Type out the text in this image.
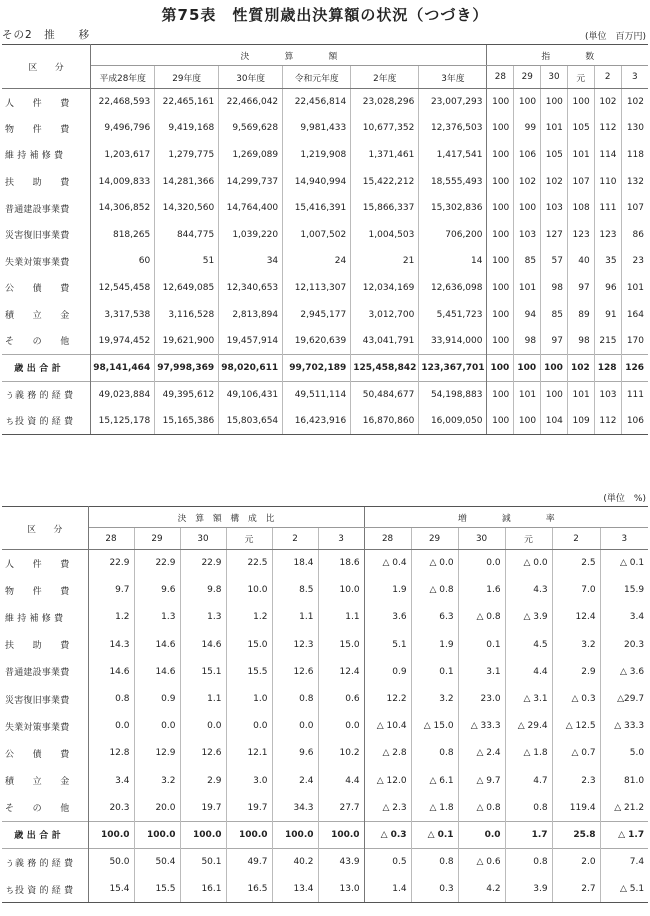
第75表　性質別歳出決算額の状況（つづき）
その2　推　　移	(単位　百万円)
区　　分	決　　　　算　　　　額						指　　　　数					
	平成28年度	29年度	30年度	令和元年度	2年度	3年度	28	29	30	元	2	3
人　　件　　費	22,468,593	22,465,161	22,466,042	22,456,814	23,028,296	23,007,293	100	100	100	100	102	102
物　　件　　費	9,496,796	9,419,168	9,569,628	9,981,433	10,677,352	12,376,503	100	99	101	105	112	130
維 持 補 修 費	1,203,617	1,279,775	1,269,089	1,219,908	1,371,461	1,417,541	100	106	105	101	114	118
扶　　助　　費	14,009,833	14,281,366	14,299,737	14,940,994	15,422,212	18,555,493	100	102	102	107	110	132
普通建設事業費	14,306,852	14,320,560	14,764,400	15,416,391	15,866,337	15,302,836	100	100	103	108	111	107
災害復旧事業費	818,265	844,775	1,039,220	1,007,502	1,004,503	706,200	100	103	127	123	123	86
失業対策事業費	60	51	34	24	21	14	100	85	57	40	35	23
公　　債　　費	12,545,458	12,649,085	12,340,653	12,113,307	12,034,169	12,636,098	100	101	98	97	96	101
積　　立　　金	3,317,538	3,116,528	2,813,894	2,945,177	3,012,700	5,451,723	100	94	85	89	91	164
そ　　の　　他	19,974,452	19,621,900	19,457,914	19,620,639	43,041,791	33,914,000	100	98	97	98	215	170
　歳 出 合 計	98,141,464	97,998,369	98,020,611	99,702,189	125,458,842	123,367,701	100	100	100	102	128	126
う義 務 的 経 費	49,023,884	49,395,612	49,106,431	49,511,114	50,484,677	54,198,883	100	101	100	101	103	111
ち投 資 的 経 費	15,125,178	15,165,386	15,803,654	16,423,916	16,870,860	16,009,050	100	100	104	109	112	106
(単位　%)
区　　分	決　算　額　構　成　比						増　　　　減　　　　率					
	28	29	30	元	2	3	28	29	30	元	2	3
人　　件　　費	22.9	22.9	22.9	22.5	18.4	18.6	△ 0.4	△ 0.0	0.0	△ 0.0	2.5	△ 0.1
物　　件　　費	9.7	9.6	9.8	10.0	8.5	10.0	1.9	△ 0.8	1.6	4.3	7.0	15.9
維 持 補 修 費	1.2	1.3	1.3	1.2	1.1	1.1	3.6	6.3	△ 0.8	△ 3.9	12.4	3.4
扶　　助　　費	14.3	14.6	14.6	15.0	12.3	15.0	5.1	1.9	0.1	4.5	3.2	20.3
普通建設事業費	14.6	14.6	15.1	15.5	12.6	12.4	0.9	0.1	3.1	4.4	2.9	△ 3.6
災害復旧事業費	0.8	0.9	1.1	1.0	0.8	0.6	12.2	3.2	23.0	△ 3.1	△ 0.3	△29.7
失業対策事業費	0.0	0.0	0.0	0.0	0.0	0.0	△ 10.4	△ 15.0	△ 33.3	△ 29.4	△ 12.5	△ 33.3
公　　債　　費	12.8	12.9	12.6	12.1	9.6	10.2	△ 2.8	0.8	△ 2.4	△ 1.8	△ 0.7	5.0
積　　立　　金	3.4	3.2	2.9	3.0	2.4	4.4	△ 12.0	△ 6.1	△ 9.7	4.7	2.3	81.0
そ　　の　　他	20.3	20.0	19.7	19.7	34.3	27.7	△ 2.3	△ 1.8	△ 0.8	0.8	119.4	△ 21.2
　歳 出 合 計	100.0	100.0	100.0	100.0	100.0	100.0	△ 0.3	△ 0.1	0.0	1.7	25.8	△ 1.7
う義 務 的 経 費	50.0	50.4	50.1	49.7	40.2	43.9	0.5	0.8	△ 0.6	0.8	2.0	7.4
ち投 資 的 経 費	15.4	15.5	16.1	16.5	13.4	13.0	1.4	0.3	4.2	3.9	2.7	△ 5.1
